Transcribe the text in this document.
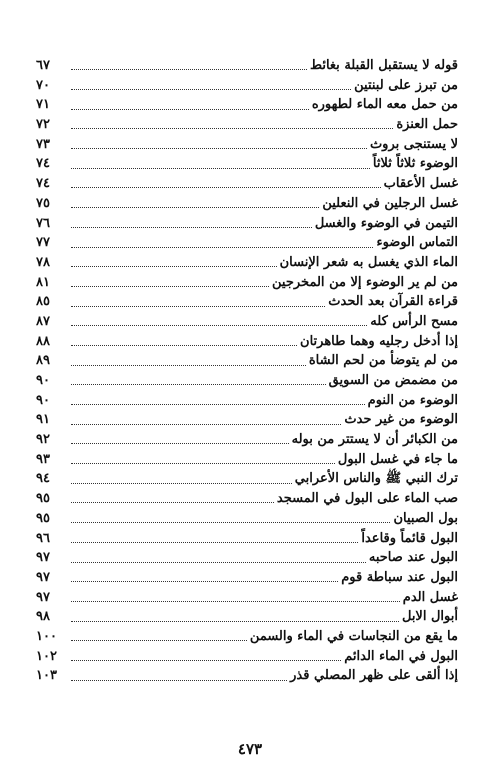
قوله لا يستقبل القبلة بغائط
٦٧
من تبرز على لبنتين
٧٠
من حمل معه الماء لطهوره
٧١
حمل العنزة
٧٢
لا يستنجى بروث
٧٣
الوضوء ثلاثاً ثلاثاً
٧٤
غسل الأعقاب
٧٤
غسل الرجلين في النعلين
٧٥
التيمن في الوضوء والغسل
٧٦
التماس الوضوء
٧٧
الماء الذي يغسل به شعر الإنسان
٧٨
من لم ير الوضوء إلا من المخرجين
٨١
قراءة القرآن بعد الحدث
٨٥
مسح الرأس كله
٨٧
إذا أدخل رجليه وهما طاهرتان
٨٨
من لم يتوضأ من لحم الشاة
٨٩
من مضمض من السويق
٩٠
الوضوء من النوم
٩٠
الوضوء من غير حدث
٩١
من الكبائر أن لا يستتر من بوله
٩٢
ما جاء في غسل البول
٩٣
ترك النبي ﷺ والناس الأعرابي
٩٤
صب الماء على البول في المسجد
٩٥
بول الصبيان
٩٥
البول قائماً وقاعداً
٩٦
البول عند صاحبه
٩٧
البول عند سباطة قوم
٩٧
غسل الدم
٩٧
أبوال الابل
٩٨
ما يقع من النجاسات في الماء والسمن
١٠٠
البول في الماء الدائم
١٠٢
إذا ألقى على ظهر المصلي قذر
١٠٣
٤٧٣
